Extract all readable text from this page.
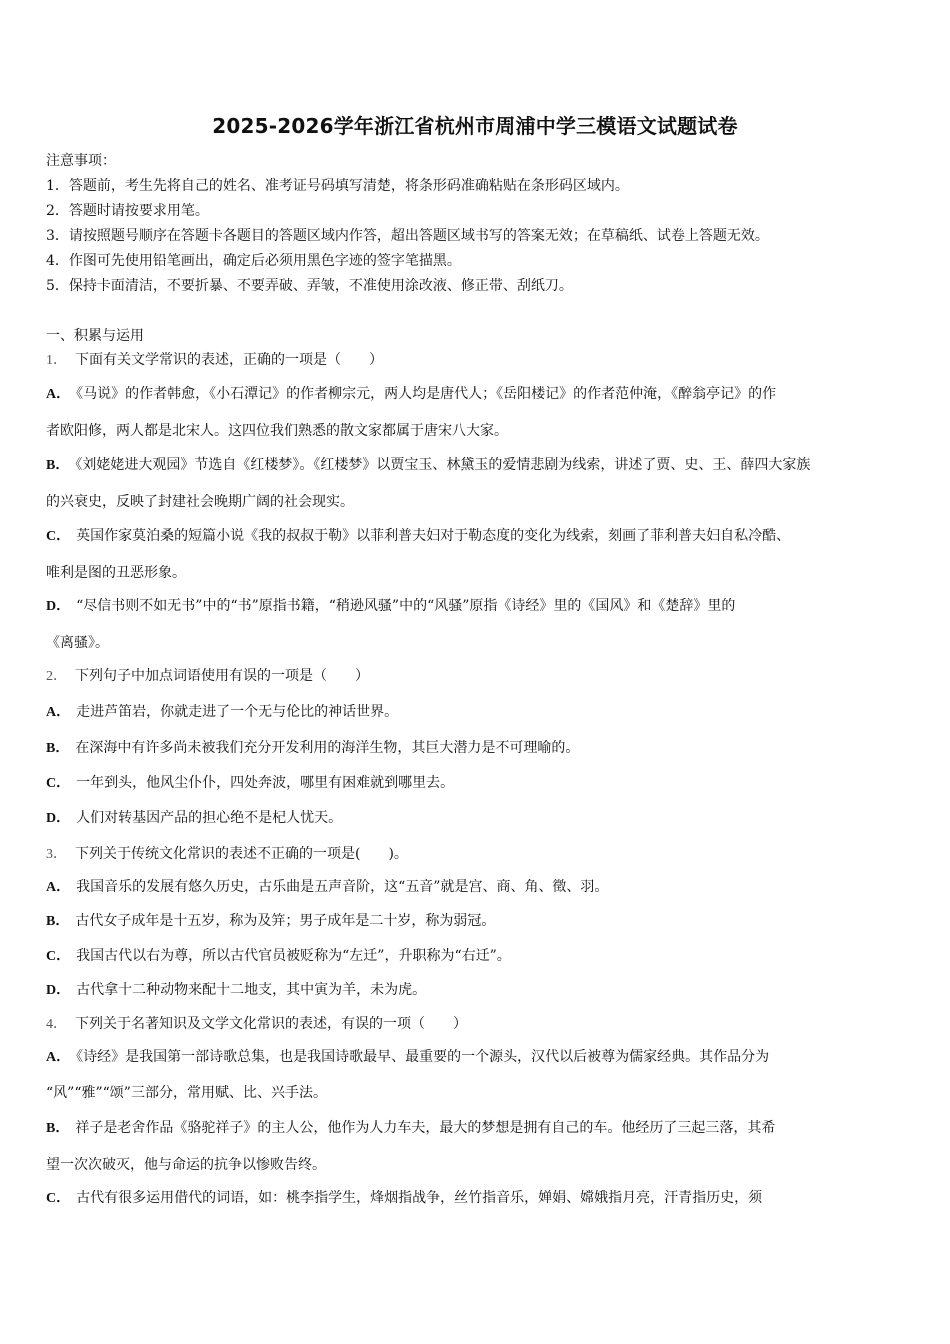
2025-2026学年浙江省杭州市周浦中学三模语文试题试卷
注意事项：
1．答题前，考生先将自己的姓名、准考证号码填写清楚，将条形码准确粘贴在条形码区域内。
2．答题时请按要求用笔。
3．请按照题号顺序在答题卡各题目的答题区域内作答，超出答题区域书写的答案无效；在草稿纸、试卷上答题无效。
4．作图可先使用铅笔画出，确定后必须用黑色字迹的签字笔描黑。
5．保持卡面清洁，不要折暴、不要弄破、弄皱，不准使用涂改液、修正带、刮纸刀。
一、积累与运用
1． 下面有关文学常识的表述，正确的一项是（　　）
A． 《马说》的作者韩愈，《小石潭记》的作者柳宗元，两人均是唐代人；《岳阳楼记》的作者范仲淹，《醉翁亭记》的作
者欧阳修，两人都是北宋人。这四位我们熟悉的散文家都属于唐宋八大家。
B． 《刘姥姥进大观园》节选自《红楼梦》。《红楼梦》以贾宝玉、林黛玉的爱情悲剧为线索，讲述了贾、史、王、薛四大家族
的兴衰史，反映了封建社会晚期广阔的社会现实。
C． 英国作家莫泊桑的短篇小说《我的叔叔于勒》以菲利普夫妇对于勒态度的变化为线索，刻画了菲利普夫妇自私冷酷、
唯利是图的丑恶形象。
D． “尽信书则不如无书”中的“书”原指书籍，“稍逊风骚”中的“风骚”原指《诗经》里的《国风》和《楚辞》里的
《离骚》。
2． 下列句子中加点词语使用有误的一项是（　　）
A． 走进芦笛岩，你就走进了一个无与伦比的神话世界。
B． 在深海中有许多尚未被我们充分开发利用的海洋生物，其巨大潜力是不可理喻的。
C． 一年到头，他风尘仆仆，四处奔波，哪里有困难就到哪里去。
D． 人们对转基因产品的担心绝不是杞人忧天。
3． 下列关于传统文化常识的表述不正确的一项是(　　)。
A． 我国音乐的发展有悠久历史，古乐曲是五声音阶，这“五音”就是宫、商、角、徵、羽。
B． 古代女子成年是十五岁，称为及笄；男子成年是二十岁，称为弱冠。
C． 我国古代以右为尊，所以古代官员被贬称为“左迁”，升职称为“右迁”。
D． 古代拿十二种动物来配十二地支，其中寅为羊，未为虎。
4． 下列关于名著知识及文学文化常识的表述，有误的一项（　　）
A． 《诗经》是我国第一部诗歌总集，也是我国诗歌最早、最重要的一个源头，汉代以后被尊为儒家经典。其作品分为
“风”“雅”“颂”三部分，常用赋、比、兴手法。
B． 祥子是老舍作品《骆驼祥子》的主人公，他作为人力车夫，最大的梦想是拥有自己的车。他经历了三起三落，其希
望一次次破灭，他与命运的抗争以惨败告终。
C． 古代有很多运用借代的词语，如：桃李指学生，烽烟指战争，丝竹指音乐，婵娟、嫦娥指月亮，汗青指历史，须
